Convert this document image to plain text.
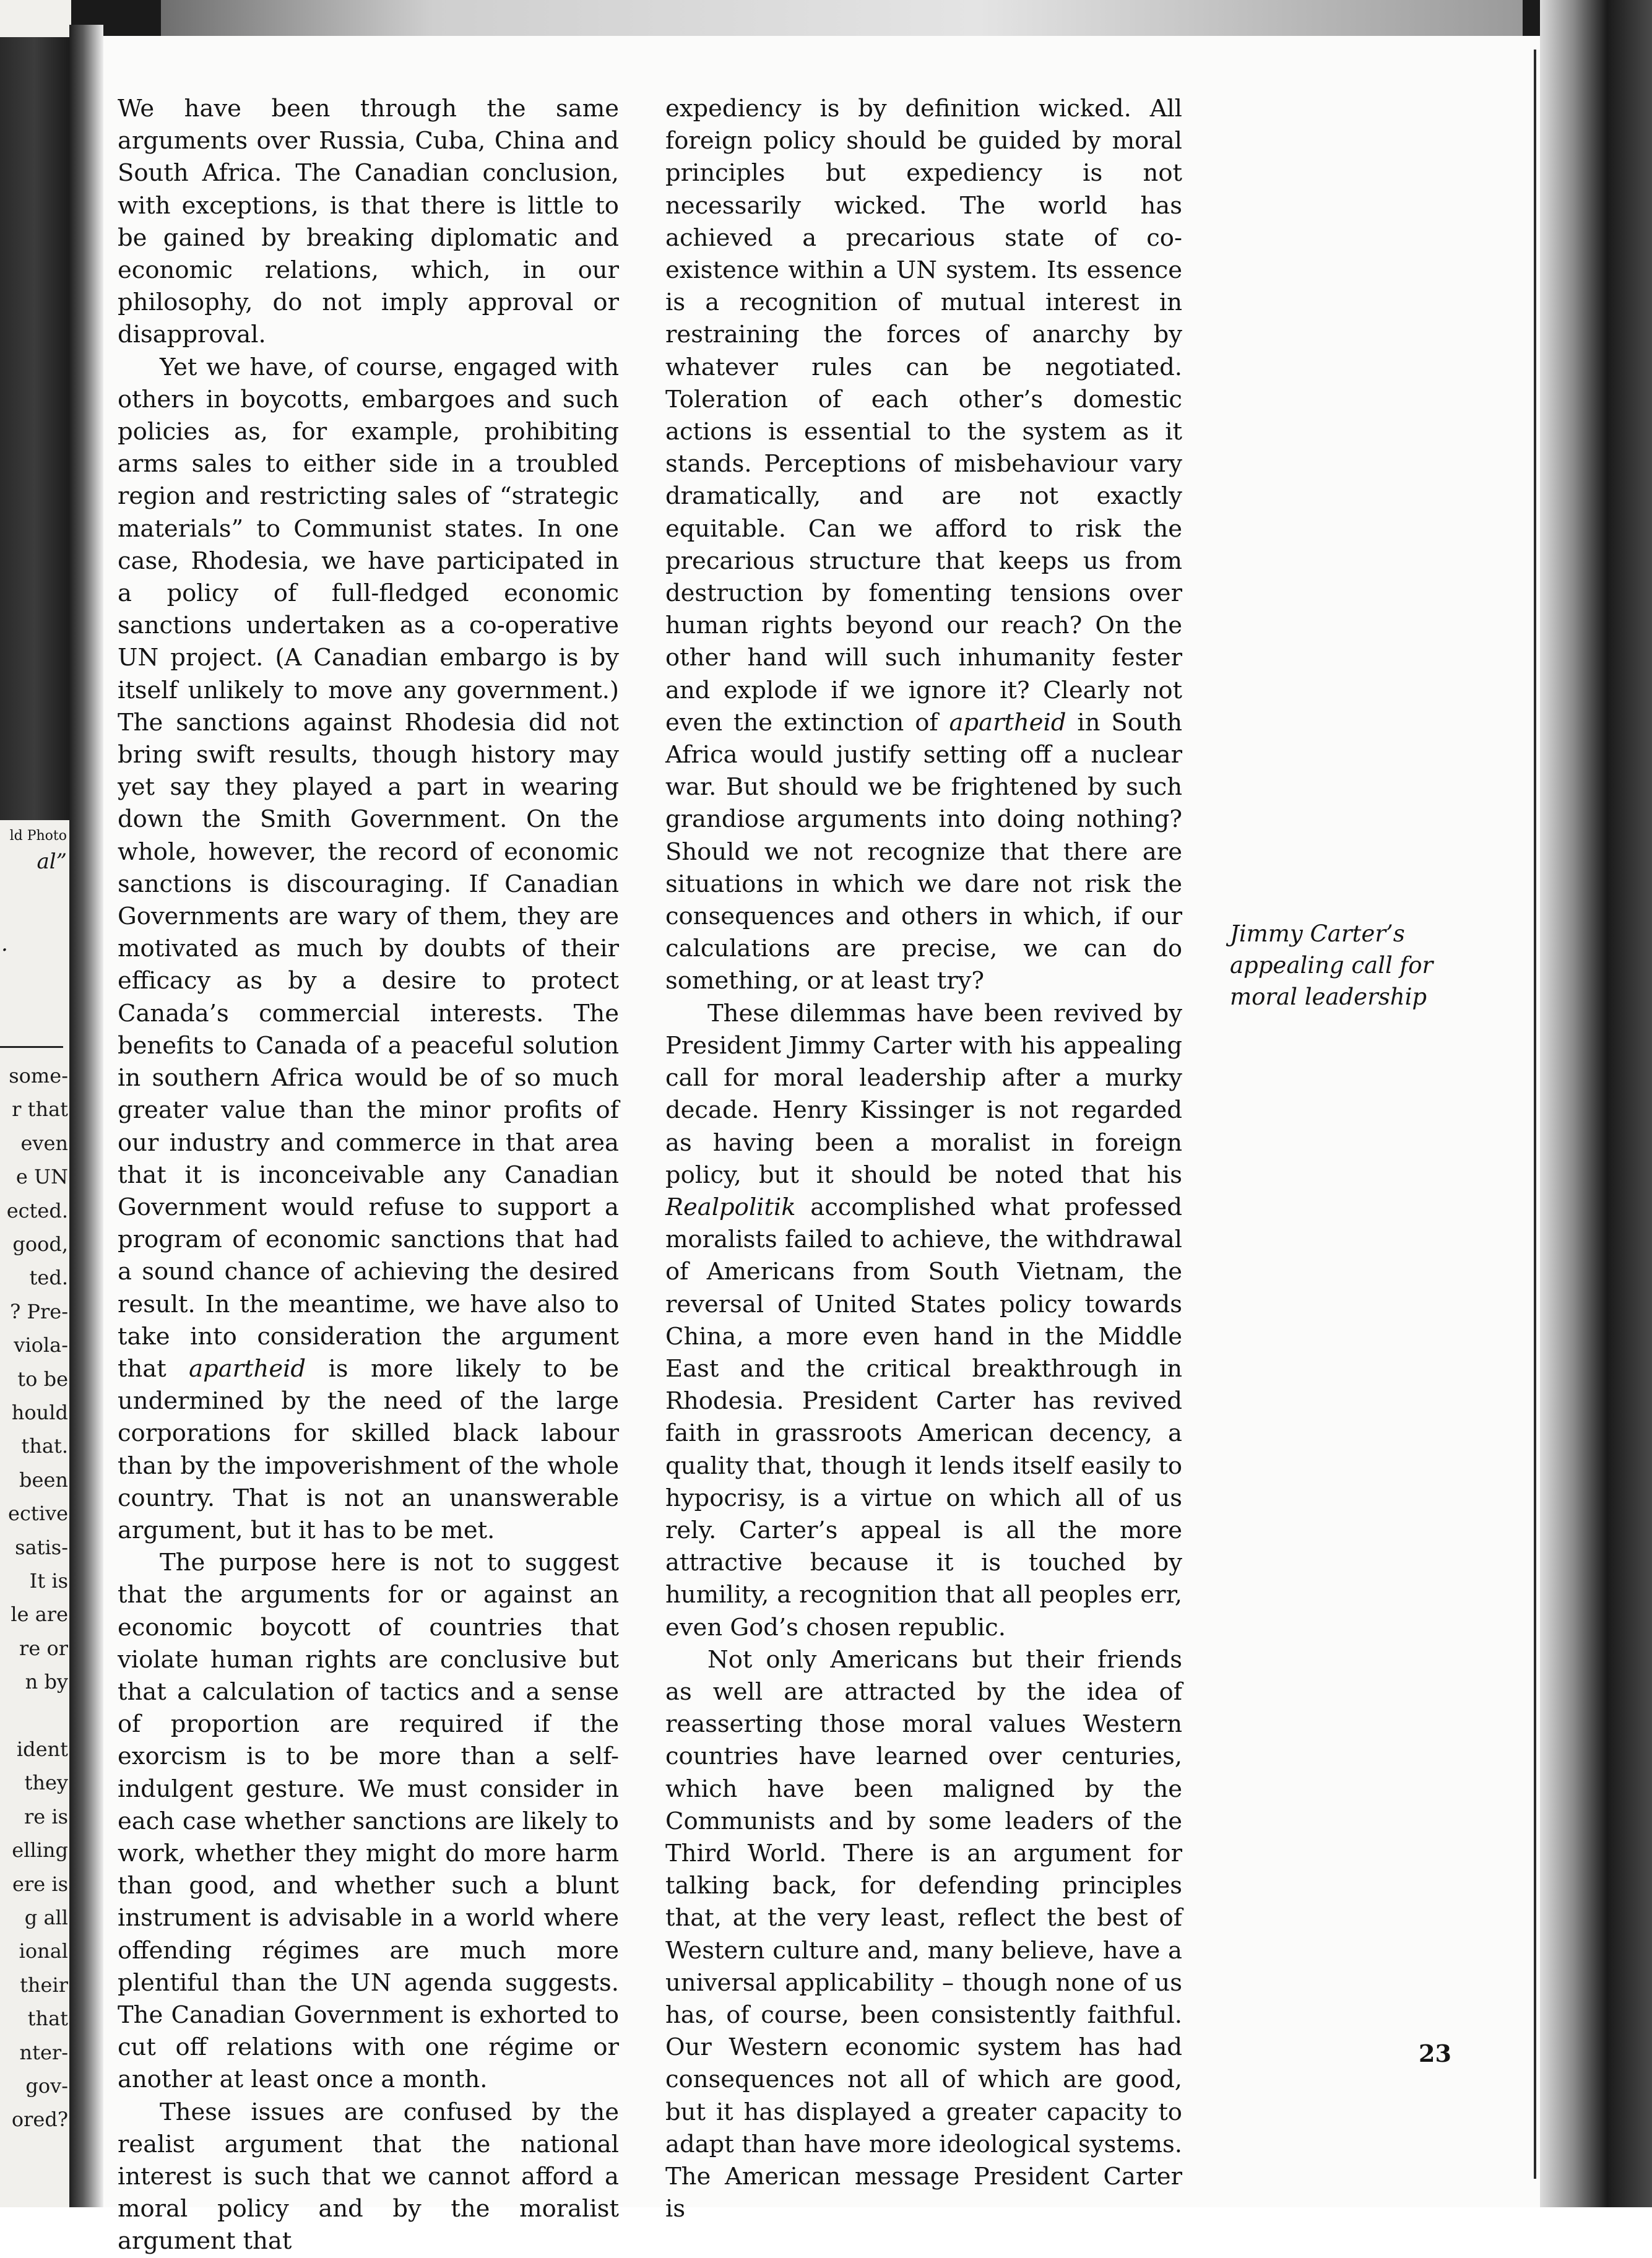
ld Photo
al”
.
some-
r that
even
e UN
ected.
good,
ted.
? Pre-
viola-
to be
hould
that.
been
ective
satis-
It is
le are
re or
n by
ident
they
re is
elling
ere is
g all
ional
their
that
nter-
gov-
ored?

We have been through the same arguments over Russia, Cuba, China and South Africa. The Canadian conclusion, with exceptions, is that there is little to be gained by breaking diplomatic and economic relations, which, in our philosophy, do not imply approval or disapproval.

Yet we have, of course, engaged with others in boycotts, embargoes and such policies as, for example, prohibiting arms sales to either side in a troubled region and restricting sales of “strategic materials” to Communist states. In one case, Rhodesia, we have participated in a policy of full-fledged economic sanctions undertaken as a co-operative UN project. (A Canadian embargo is by itself unlikely to move any government.) The sanctions against Rhodesia did not bring swift results, though history may yet say they played a part in wearing down the Smith Government. On the whole, however, the record of economic sanctions is discouraging. If Canadian Governments are wary of them, they are motivated as much by doubts of their efficacy as by a desire to protect Canada’s commercial interests. The benefits to Canada of a peaceful solution in southern Africa would be of so much greater value than the minor profits of our industry and commerce in that area that it is inconceivable any Canadian Government would refuse to support a program of economic sanctions that had a sound chance of achieving the desired result. In the meantime, we have also to take into consideration the argument that apartheid is more likely to be undermined by the need of the large corporations for skilled black labour than by the impoverishment of the whole country. That is not an unanswerable argument, but it has to be met.

The purpose here is not to suggest that the arguments for or against an economic boycott of countries that violate human rights are conclusive but that a calculation of tactics and a sense of proportion are required if the exorcism is to be more than a self-indulgent gesture. We must consider in each case whether sanctions are likely to work, whether they might do more harm than good, and whether such a blunt instrument is advisable in a world where offending régimes are much more plentiful than the UN agenda suggests. The Canadian Government is exhorted to cut off relations with one régime or another at least once a month.

These issues are confused by the realist argument that the national interest is such that we cannot afford a moral policy and by the moralist argument that

expediency is by definition wicked. All foreign policy should be guided by moral principles but expediency is not necessarily wicked. The world has achieved a precarious state of co-existence within a UN system. Its essence is a recognition of mutual interest in restraining the forces of anarchy by whatever rules can be negotiated. Toleration of each other’s domestic actions is essential to the system as it stands. Perceptions of misbehaviour vary dramatically, and are not exactly equitable. Can we afford to risk the precarious structure that keeps us from destruction by fomenting tensions over human rights beyond our reach? On the other hand will such inhumanity fester and explode if we ignore it? Clearly not even the extinction of apartheid in South Africa would justify setting off a nuclear war. But should we be frightened by such grandiose arguments into doing nothing? Should we not recognize that there are situations in which we dare not risk the consequences and others in which, if our calculations are precise, we can do something, or at least try?

These dilemmas have been revived by President Jimmy Carter with his appealing call for moral leadership after a murky decade. Henry Kissinger is not regarded as having been a moralist in foreign policy, but it should be noted that his Realpolitik accomplished what professed moralists failed to achieve, the withdrawal of Americans from South Vietnam, the reversal of United States policy towards China, a more even hand in the Middle East and the critical breakthrough in Rhodesia. President Carter has revived faith in grassroots American decency, a quality that, though it lends itself easily to hypocrisy, is a virtue on which all of us rely. Carter’s appeal is all the more attractive because it is touched by humility, a recognition that all peoples err, even God’s chosen republic.

Not only Americans but their friends as well are attracted by the idea of reasserting those moral values Western countries have learned over centuries, which have been maligned by the Communists and by some leaders of the Third World. There is an argument for talking back, for defending principles that, at the very least, reflect the best of Western culture and, many believe, have a universal applicability – though none of us has, of course, been consistently faithful. Our Western economic system has had consequences not all of which are good, but it has displayed a greater capacity to adapt than have more ideological systems. The American message President Carter is

Jimmy Carter’s appealing call for moral leadership
23
